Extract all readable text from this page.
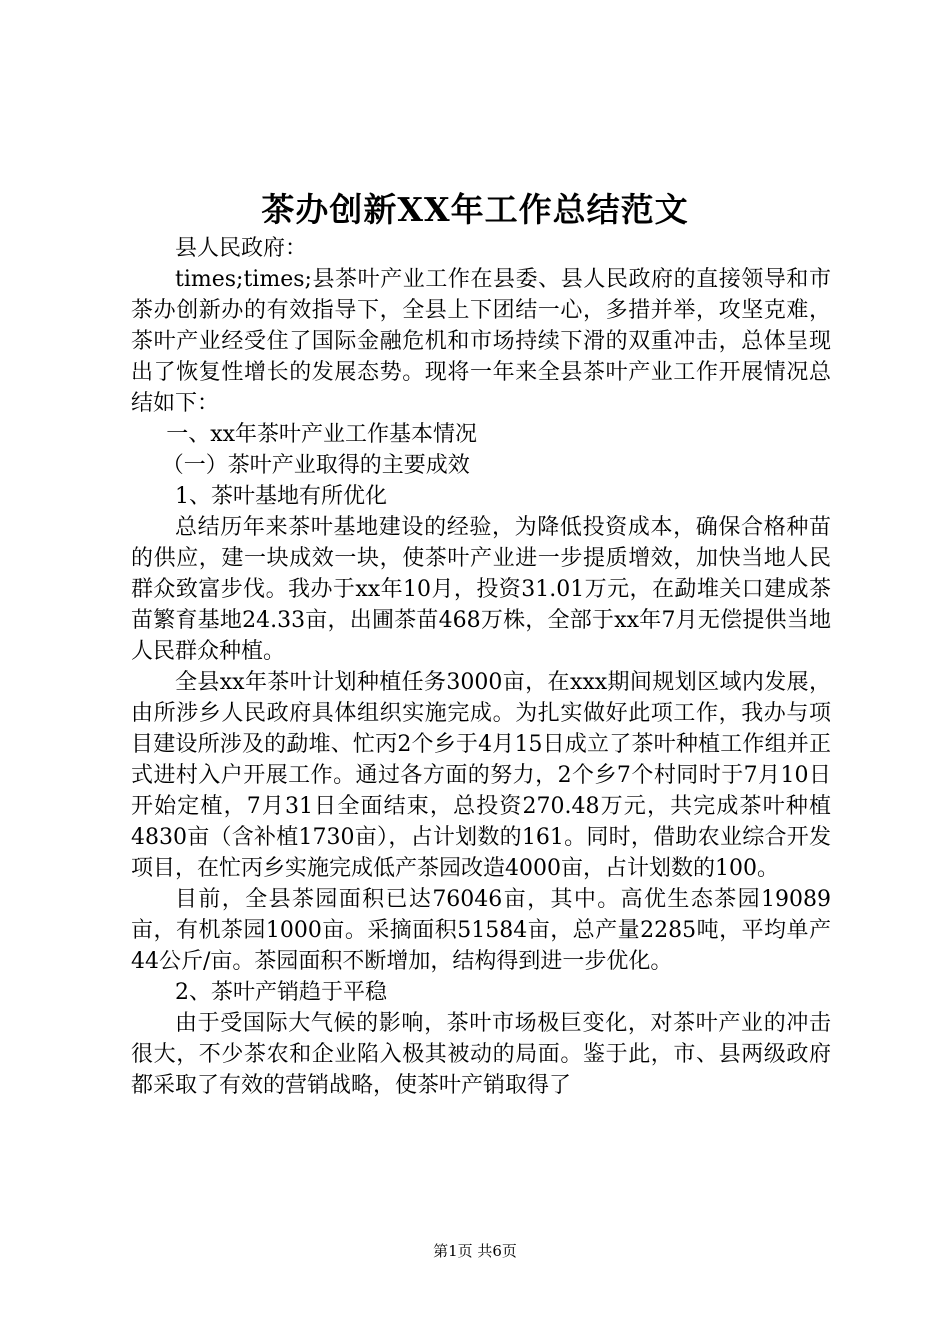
茶办创新XX年工作总结范文

县人民政府：

times;times;县茶叶产业工作在县委、县人民政府的直接领导和市茶办创新办的有效指导下，全县上下团结一心，多措并举，攻坚克难，茶叶产业经受住了国际金融危机和市场持续下滑的双重冲击，总体呈现出了恢复性增长的发展态势。现将一年来全县茶叶产业工作开展情况总结如下：

一、xx年茶叶产业工作基本情况

（一）茶叶产业取得的主要成效

1、茶叶基地有所优化

总结历年来茶叶基地建设的经验，为降低投资成本，确保合格种苗的供应，建一块成效一块，使茶叶产业进一步提质增效，加快当地人民群众致富步伐。我办于xx年10月，投资31.01万元，在勐堆关口建成茶苗繁育基地24.33亩，出圃茶苗468万株，全部于xx年7月无偿提供当地人民群众种植。

全县xx年茶叶计划种植任务3000亩，在xxx期间规划区域内发展，由所涉乡人民政府具体组织实施完成。为扎实做好此项工作，我办与项目建设所涉及的勐堆、忙丙2个乡于4月15日成立了茶叶种植工作组并正式进村入户开展工作。通过各方面的努力，2个乡7个村同时于7月10日开始定植，7月31日全面结束，总投资270.48万元，共完成茶叶种植4830亩（含补植1730亩），占计划数的161。同时，借助农业综合开发项目，在忙丙乡实施完成低产茶园改造4000亩，占计划数的100。

目前，全县茶园面积已达76046亩，其中。高优生态茶园19089亩，有机茶园1000亩。采摘面积51584亩，总产量2285吨，平均单产44公斤/亩。茶园面积不断增加，结构得到进一步优化。

2、茶叶产销趋于平稳

由于受国际大气候的影响，茶叶市场极巨变化，对茶叶产业的冲击很大，不少茶农和企业陷入极其被动的局面。鉴于此，市、县两级政府都采取了有效的营销战略，使茶叶产销取得了

第1页 共6页
